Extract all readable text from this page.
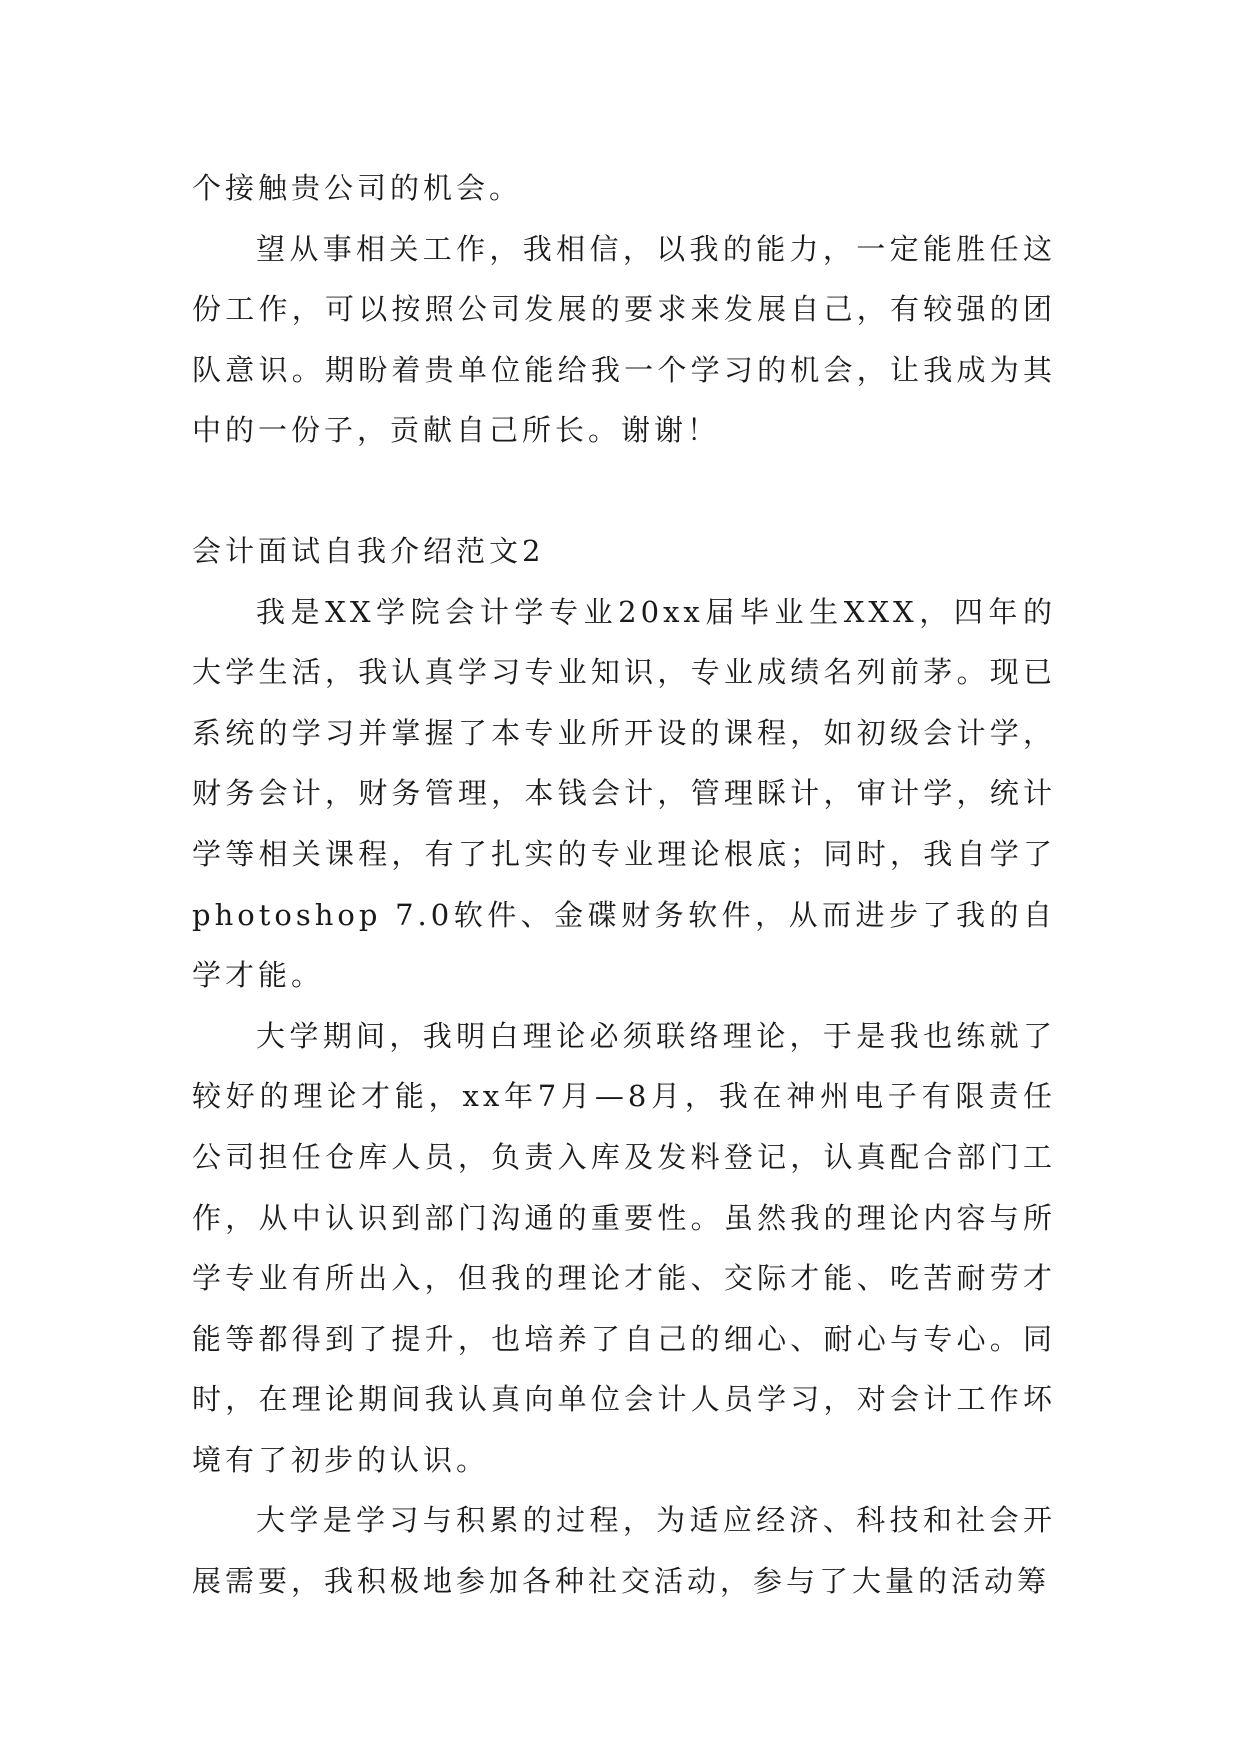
个接触贵公司的机会。

望从事相关工作，我相信，以我的能力，一定能胜任这份工作，可以按照公司发展的要求来发展自己，有较强的团队意识。期盼着贵单位能给我一个学习的机会，让我成为其中的一份子，贡献自己所长。谢谢！

会计面试自我介绍范文2

我是XX学院会计学专业20xx届毕业生XXX，四年的大学生活，我认真学习专业知识，专业成绩名列前茅。现已系统的学习并掌握了本专业所开设的课程，如初级会计学，财务会计，财务管理，本钱会计，管理睬计，审计学，统计学等相关课程，有了扎实的专业理论根底；同时，我自学了photoshop 7.0软件、金碟财务软件，从而进步了我的自学才能。

大学期间，我明白理论必须联络理论，于是我也练就了较好的理论才能，xx年7月—8月，我在神州电子有限责任公司担任仓库人员，负责入库及发料登记，认真配合部门工作，从中认识到部门沟通的重要性。虽然我的理论内容与所学专业有所出入，但我的理论才能、交际才能、吃苦耐劳才能等都得到了提升，也培养了自己的细心、耐心与专心。同时，在理论期间我认真向单位会计人员学习，对会计工作坏境有了初步的认识。

大学是学习与积累的过程，为适应经济、科技和社会开展需要，我积极地参加各种社交活动，参与了大量的活动筹
